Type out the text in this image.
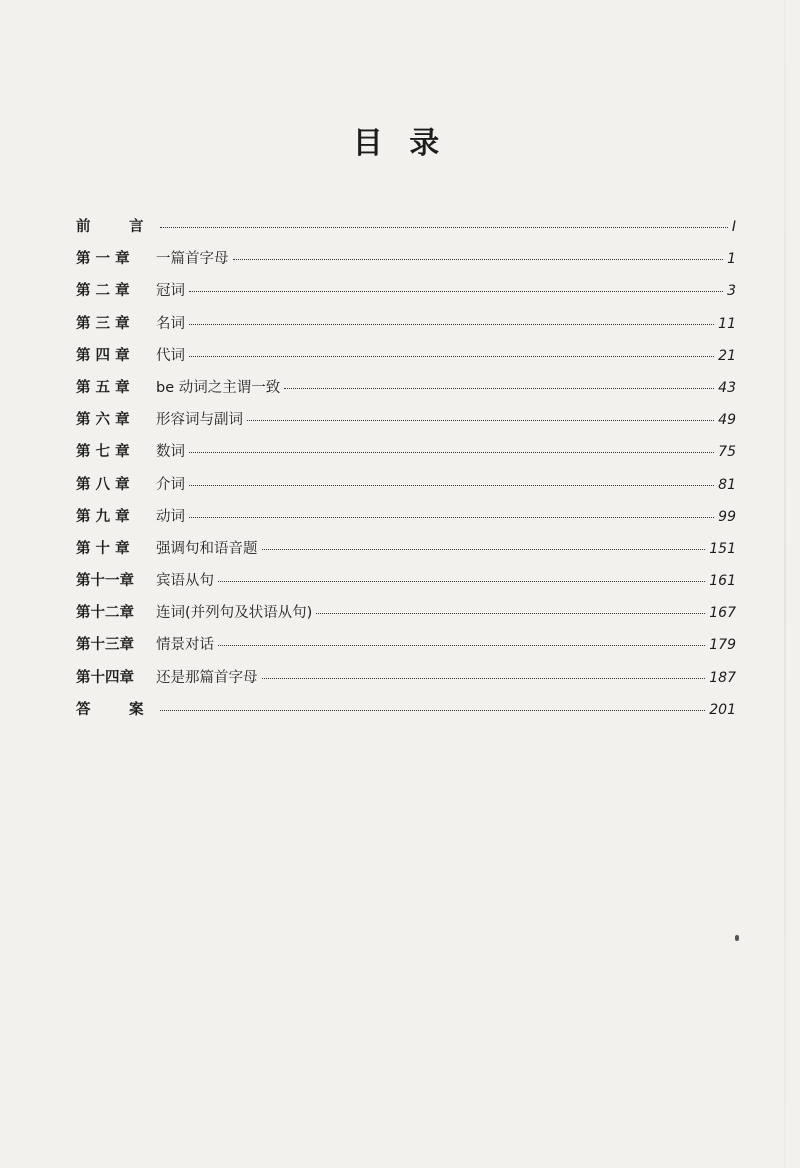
目 录
前　言	I
第 一 章	一篇首字母	1
第 二 章	冠词	3
第 三 章	名词	11
第 四 章	代词	21
第 五 章	be 动词之主谓一致	43
第 六 章	形容词与副词	49
第 七 章	数词	75
第 八 章	介词	81
第 九 章	动词	99
第 十 章	强调句和语音题	151
第十一章	宾语从句	161
第十二章	连词(并列句及状语从句)	167
第十三章	情景对话	179
第十四章	还是那篇首字母	187
答　案	201
